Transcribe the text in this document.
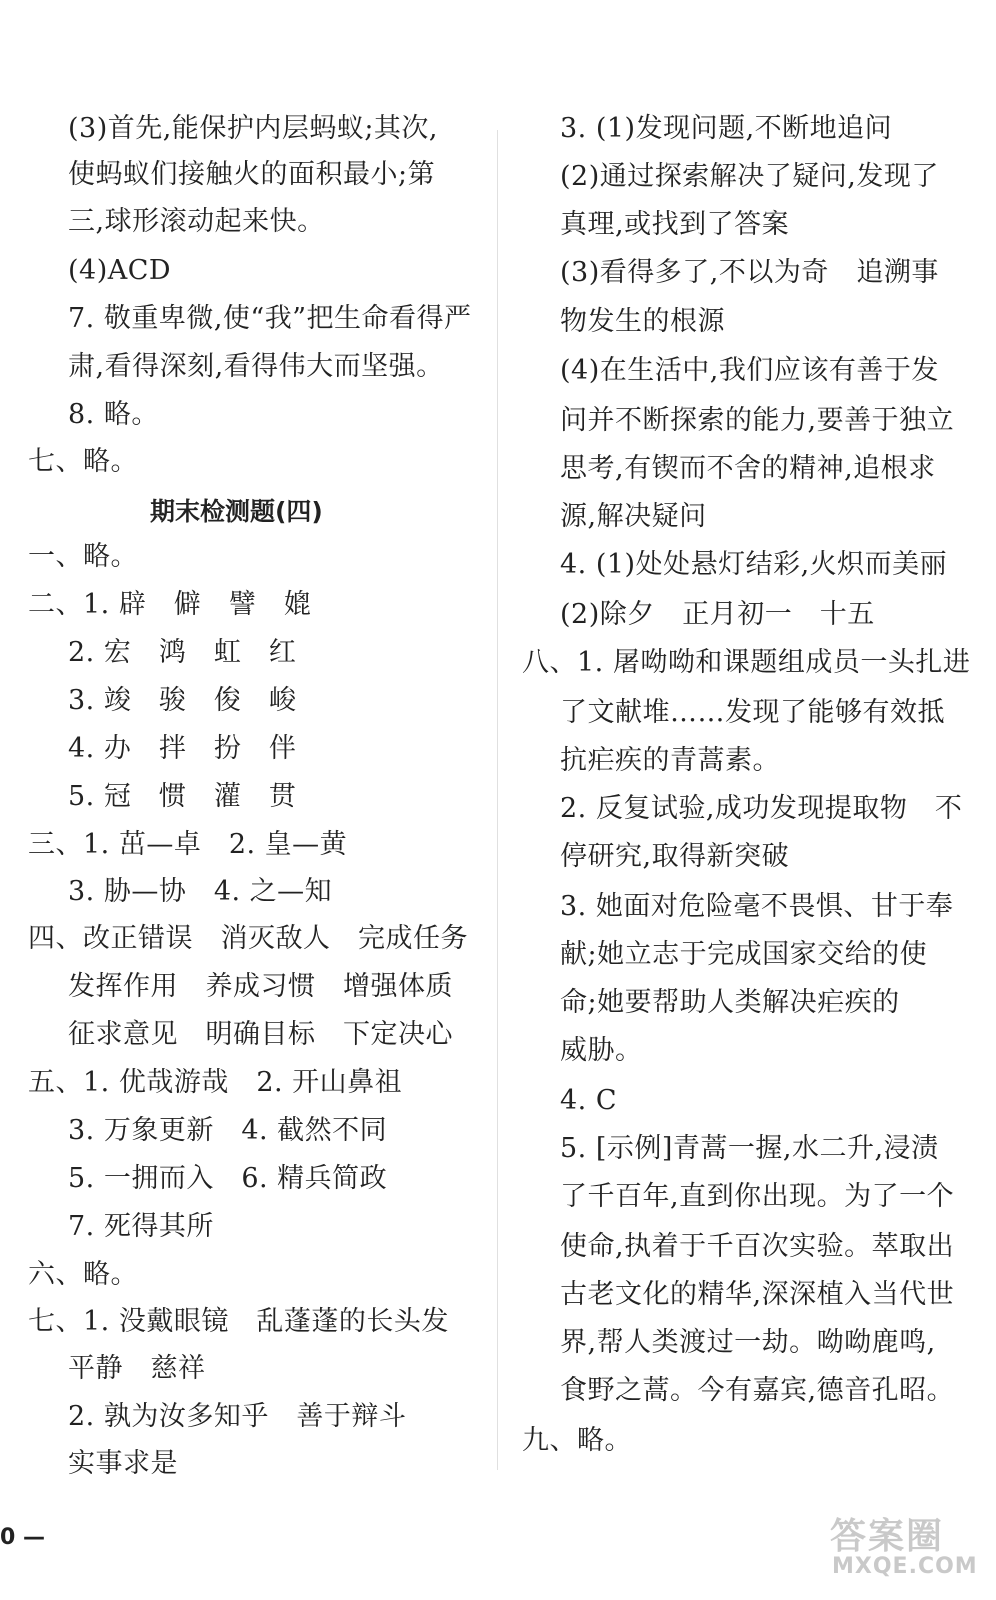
(3)首先,能保护内层蚂蚁;其次,
使蚂蚁们接触火的面积最小;第
三,球形滚动起来快。
(4)ACD
7. 敬重卑微,使“我”把生命看得严
肃,看得深刻,看得伟大而坚强。
8. 略。
七、略。
期末检测题(四)
一、略。
二、1. 辟　僻　譬　媲
2. 宏　鸿　虹　红
3. 竣　骏　俊　峻
4. 办　拌　扮　伴
5. 冠　惯　灌　贯
三、1. 茁—卓　2. 皇—黄
3. 胁—协　4. 之—知
四、改正错误　消灭敌人　完成任务
发挥作用　养成习惯　增强体质
征求意见　明确目标　下定决心
五、1. 优哉游哉　2. 开山鼻祖
3. 万象更新　4. 截然不同
5. 一拥而入　6. 精兵简政
7. 死得其所
六、略。
七、1. 没戴眼镜　乱蓬蓬的长头发
平静　慈祥
2. 孰为汝多知乎　善于辩斗
实事求是
3. (1)发现问题,不断地追问
(2)通过探索解决了疑问,发现了
真理,或找到了答案
(3)看得多了,不以为奇　追溯事
物发生的根源
(4)在生活中,我们应该有善于发
问并不断探索的能力,要善于独立
思考,有锲而不舍的精神,追根求
源,解决疑问
4. (1)处处悬灯结彩,火炽而美丽
(2)除夕　正月初一　十五
八、1. 屠呦呦和课题组成员一头扎进
了文献堆……发现了能够有效抵
抗疟疾的青蒿素。
2. 反复试验,成功发现提取物　不
停研究,取得新突破
3. 她面对危险毫不畏惧、甘于奉
献;她立志于完成国家交给的使
命;她要帮助人类解决疟疾的
威胁。
4. C
5. [示例]青蒿一握,水二升,浸渍
了千百年,直到你出现。为了一个
使命,执着于千百次实验。萃取出
古老文化的精华,深深植入当代世
界,帮人类渡过一劫。呦呦鹿鸣,
食野之蒿。今有嘉宾,德音孔昭。
九、略。
0 —	答案圈
MXQE.COM
